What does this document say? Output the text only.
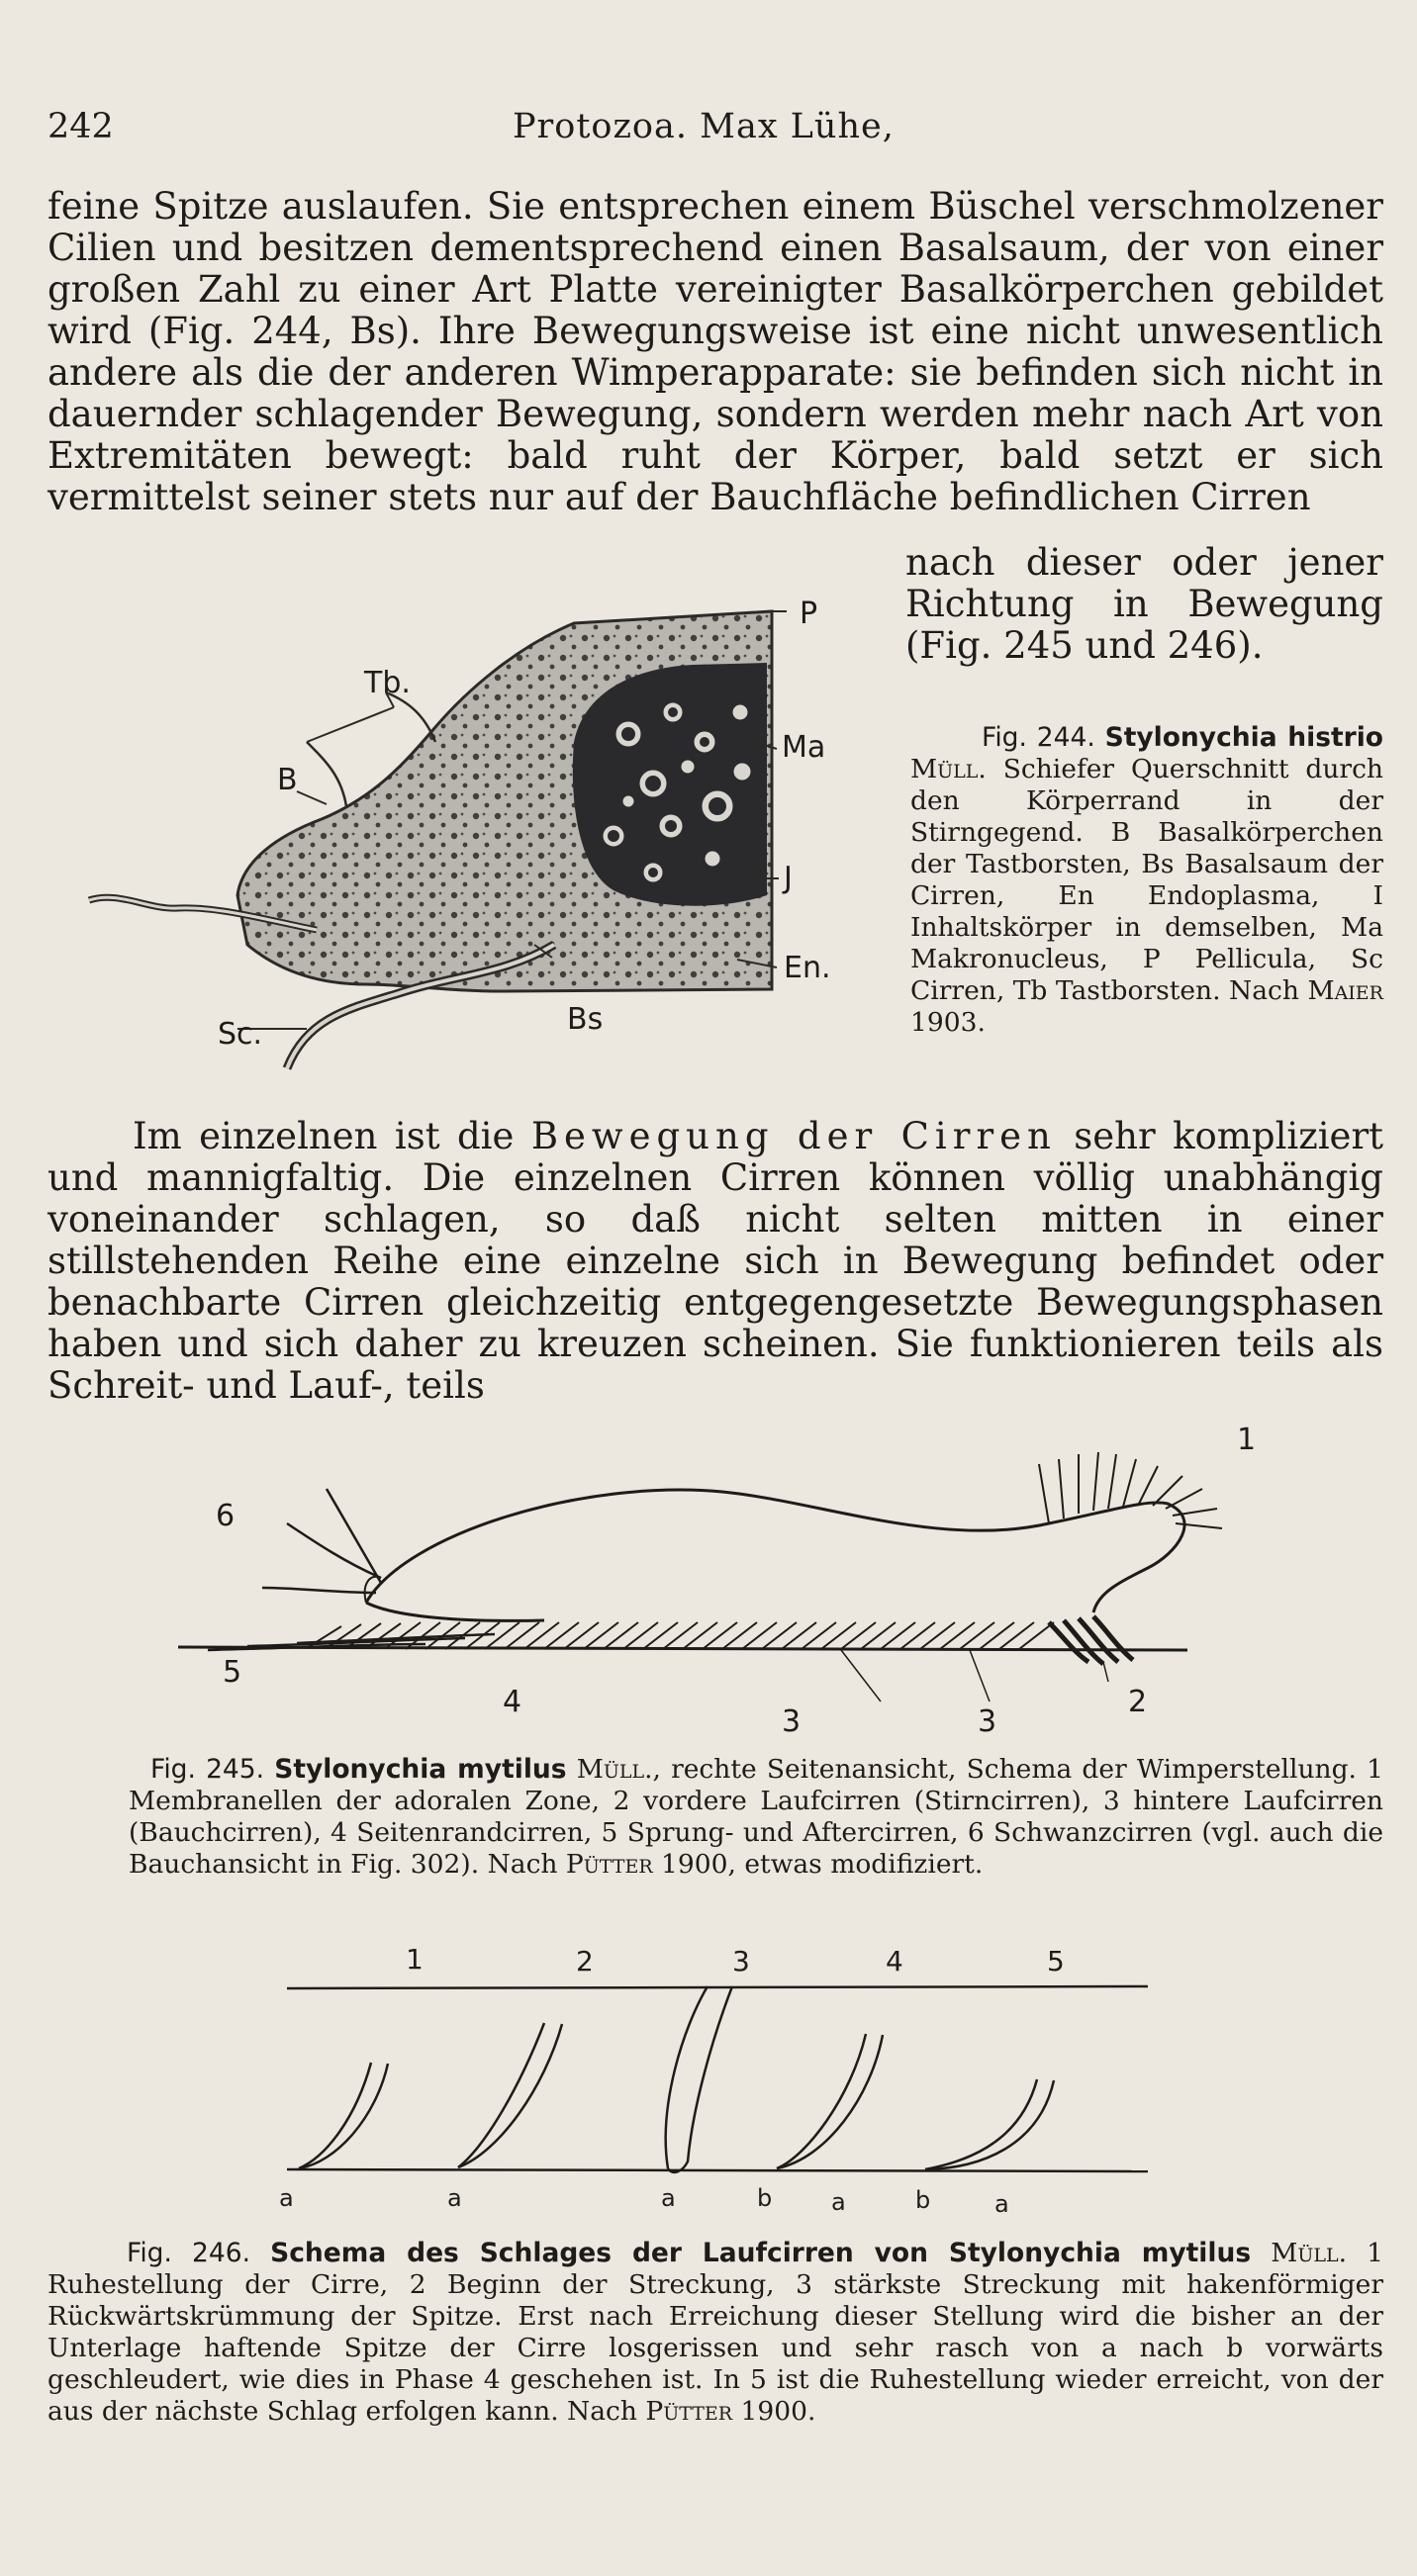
242	Protozoa. Max Lühe,

feine Spitze auslaufen. Sie entsprechen einem Büschel verschmolzener Cilien und besitzen dementsprechend einen Basalsaum, der von einer großen Zahl zu einer Art Platte vereinigter Basalkörperchen gebildet wird (Fig. 244, Bs). Ihre Bewegungsweise ist eine nicht unwesentlich andere als die der anderen Wimperapparate: sie befinden sich nicht in dauernder schlagender Bewegung, sondern werden mehr nach Art von Extremitäten bewegt: bald ruht der Körper, bald setzt er sich vermittelst seiner stets nur auf der Bauchfläche befindlichen Cirren

nach dieser oder jener Richtung in Bewegung (Fig. 245 und 246).

P
Tb.
B
Ma
J
En.
Sc.	Bs

Fig. 244. Stylonychia histrio Müll. Schiefer Querschnitt durch den Körperrand in der Stirngegend. B Basalkörperchen der Tastborsten, Bs Basalsaum der Cirren, En Endoplasma, I Inhaltskörper in demselben, Ma Makronucleus, P Pellicula, Sc Cirren, Tb Tastborsten. Nach Maier 1903.

Im einzelnen ist die Bewegung der Cirren sehr kompliziert und mannigfaltig. Die einzelnen Cirren können völlig unabhängig voneinander schlagen, so daß nicht selten mitten in einer stillstehenden Reihe eine einzelne sich in Bewegung befindet oder benachbarte Cirren gleichzeitig entgegengesetzte Bewegungsphasen haben und sich daher zu kreuzen scheinen. Sie funktionieren teils als Schreit- und Lauf-, teils

1
2
3	3
4
5
6

Fig. 245. Stylonychia mytilus Müll., rechte Seitenansicht, Schema der Wimperstellung. 1 Membranellen der adoralen Zone, 2 vordere Laufcirren (Stirncirren), 3 hintere Laufcirren (Bauchcirren), 4 Seitenrandcirren, 5 Sprung- und Aftercirren, 6 Schwanzcirren (vgl. auch die Bauchansicht in Fig. 302). Nach Pütter 1900, etwas modifiziert.

1	2	3	4	5
a	a	a	b a	b	a

Fig. 246. Schema des Schlages der Laufcirren von Stylonychia mytilus Müll. 1 Ruhestellung der Cirre, 2 Beginn der Streckung, 3 stärkste Streckung mit hakenförmiger Rückwärtskrümmung der Spitze. Erst nach Erreichung dieser Stellung wird die bisher an der Unterlage haftende Spitze der Cirre losgerissen und sehr rasch von a nach b vorwärts geschleudert, wie dies in Phase 4 geschehen ist. In 5 ist die Ruhestellung wieder erreicht, von der aus der nächste Schlag erfolgen kann. Nach Pütter 1900.
